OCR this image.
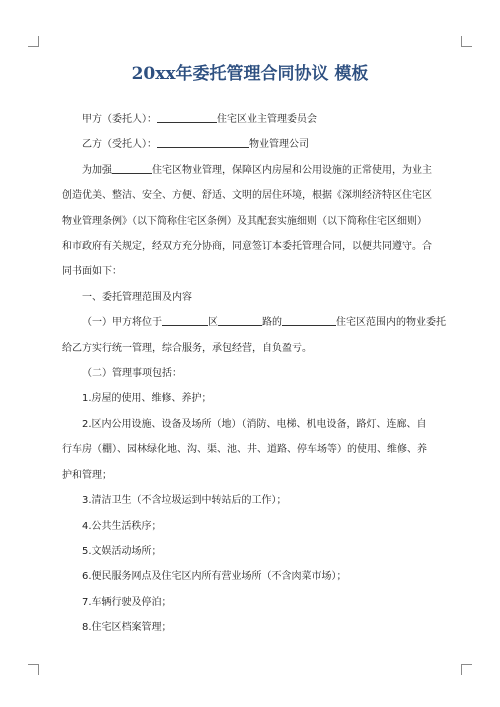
20xx年委托管理合同协议 模板

甲方（委托人）：	住宅区业主管理委员会

乙方（受托人）：	物业管理公司

为加强	住宅区物业管理，保障区内房屋和公用设施的正常使用，为业主

创造优美、整洁、安全、方便、舒适、文明的居住环境，根据《深圳经济特区住宅区

物业管理条例》（以下简称住宅区条例）及其配套实施细则（以下简称住宅区细则）

和市政府有关规定，经双方充分协商，同意签订本委托管理合同，以便共同遵守。合

同书面如下：

一、委托管理范围及内容

（一）甲方将位于	区	路的	住宅区范围内的物业委托

给乙方实行统一管理，综合服务，承包经营，自负盈亏。

（二）管理事项包括：

1.房屋的使用、维修、养护；

2.区内公用设施、设备及场所（地）（消防、电梯、机电设备，路灯、连廊、自

行车房（棚）、园林绿化地、沟、渠、池、井、道路、停车场等）的使用、维修、养

护和管理；

3.清洁卫生（不含垃圾运到中转站后的工作）；

4.公共生活秩序；

5.文娱活动场所；

6.便民服务网点及住宅区内所有营业场所（不含肉菜市场）；

7.车辆行驶及停泊；

8.住宅区档案管理；
